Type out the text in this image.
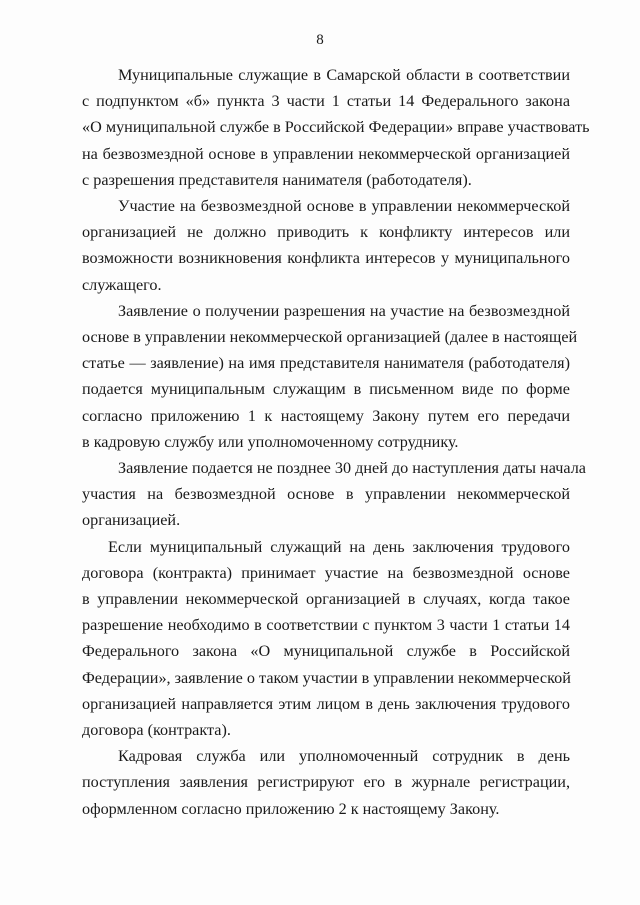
8
Муниципальные служащие в Самарской области в соответствии
с подпунктом «б» пункта 3 части 1 статьи 14 Федерального закона
«О муниципальной службе в Российской Федерации» вправе участвовать
на безвозмездной основе в управлении некоммерческой организацией
с разрешения представителя нанимателя (работодателя).
Участие на безвозмездной основе в управлении некоммерческой
организацией не должно приводить к конфликту интересов или
возможности возникновения конфликта интересов у муниципального
служащего.
Заявление о получении разрешения на участие на безвозмездной
основе в управлении некоммерческой организацией (далее в настоящей
статье — заявление) на имя представителя нанимателя (работодателя)
подается муниципальным служащим в письменном виде по форме
согласно приложению 1 к настоящему Закону путем его передачи
в кадровую службу или уполномоченному сотруднику.
Заявление подается не позднее 30 дней до наступления даты начала
участия на безвозмездной основе в управлении некоммерческой
организацией.
Если муниципальный служащий на день заключения трудового
договора (контракта) принимает участие на безвозмездной основе
в управлении некоммерческой организацией в случаях, когда такое
разрешение необходимо в соответствии с пунктом 3 части 1 статьи 14
Федерального закона «О муниципальной службе в Российской
Федерации», заявление о таком участии в управлении некоммерческой
организацией направляется этим лицом в день заключения трудового
договора (контракта).
Кадровая служба или уполномоченный сотрудник в день
поступления заявления регистрируют его в журнале регистрации,
оформленном согласно приложению 2 к настоящему Закону.
